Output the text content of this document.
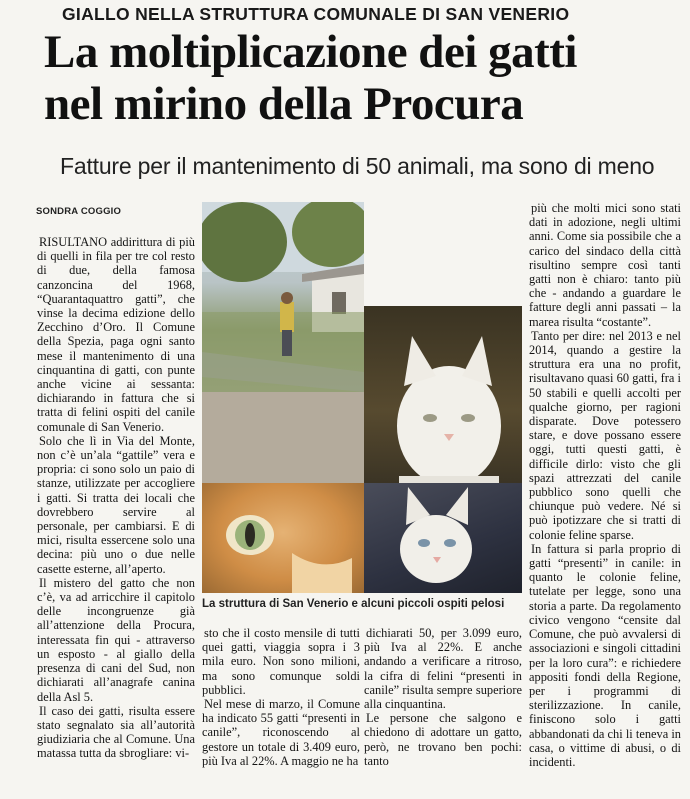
GIALLO NELLA STRUTTURA COMUNALE DI SAN VENERIO
La moltiplicazione dei gatti
nel mirino della Procura
Fatture per il mantenimento di 50 animali, ma sono di meno
SONDRA COGGIO

RISULTANO addirittura di più di quelli in fila per tre col resto di due, della famosa canzoncina del 1968, “Quarantaquattro gatti”, che vinse la decima edizione dello Zecchino d’Oro. Il Comune della Spezia, paga ogni santo mese il mantenimento di una cinquantina di gatti, con punte anche vicine ai sessanta: dichiarando in fattura che si tratta di felini ospiti del canile comunale di San Venerio.

Solo che lì in Via del Monte, non c’è un’ala “gattile” vera e propria: ci sono solo un paio di stanze, utilizzate per accogliere i gatti. Si tratta dei locali che dovrebbero servire al personale, per cambiarsi. E di mici, risulta essercene solo una decina: più uno o due nelle casette esterne, all’aperto.

Il mistero del gatto che non c’è, va ad arricchire il capitolo delle incongruenze già all’attenzione della Procura, interessata fin qui - attraverso un esposto - al giallo della presenza di cani del Sud, non dichiarati all’anagrafe canina della Asl 5.

Il caso dei gatti, risulta essere stato segnalato sia all’autorità giudiziaria che al Comune. Una matassa tutta da sbrogliare: vi-

La struttura di San Venerio e alcuni piccoli ospiti pelosi

sto che il costo mensile di tutti quei gatti, viaggia sopra i 3 mila euro. Non sono milioni, ma sono comunque soldi pubblici.

Nel mese di marzo, il Comune ha indicato 55 gatti “presenti in canile”, riconoscendo al gestore un totale di 3.409 euro, più Iva al 22%. A maggio ne ha

dichiarati 50, per 3.099 euro, più Iva al 22%. E anche andando a verificare a ritroso, la cifra di felini “presenti in canile” risulta sempre superiore alla cinquantina.

Le persone che salgono e chiedono di adottare un gatto, però, ne trovano ben pochi: tanto

più che molti mici sono stati dati in adozione, negli ultimi anni. Come sia possibile che a carico del sindaco della città risultino sempre così tanti gatti non è chiaro: tanto più che - andando a guardare le fatture degli anni passati – la marea risulta “costante”.

Tanto per dire: nel 2013 e nel 2014, quando a gestire la struttura era una no profit, risultavano quasi 60 gatti, fra i 50 stabili e quelli accolti per qualche giorno, per ragioni disparate. Dove potessero stare, e dove possano essere oggi, tutti questi gatti, è difficile dirlo: visto che gli spazi attrezzati del canile pubblico sono quelli che chiunque può vedere. Né si può ipotizzare che si tratti di colonie feline sparse.

In fattura si parla proprio di gatti “presenti” in canile: in quanto le colonie feline, tutelate per legge, sono una storia a parte. Da regolamento civico vengono “censite dal Comune, che può avvalersi di associazioni e singoli cittadini per la loro cura”: e richiedere appositi fondi della Regione, per i programmi di sterilizzazione. In canile, finiscono solo i gatti abbandonati da chi li teneva in casa, o vittime di abusi, o di incidenti.
